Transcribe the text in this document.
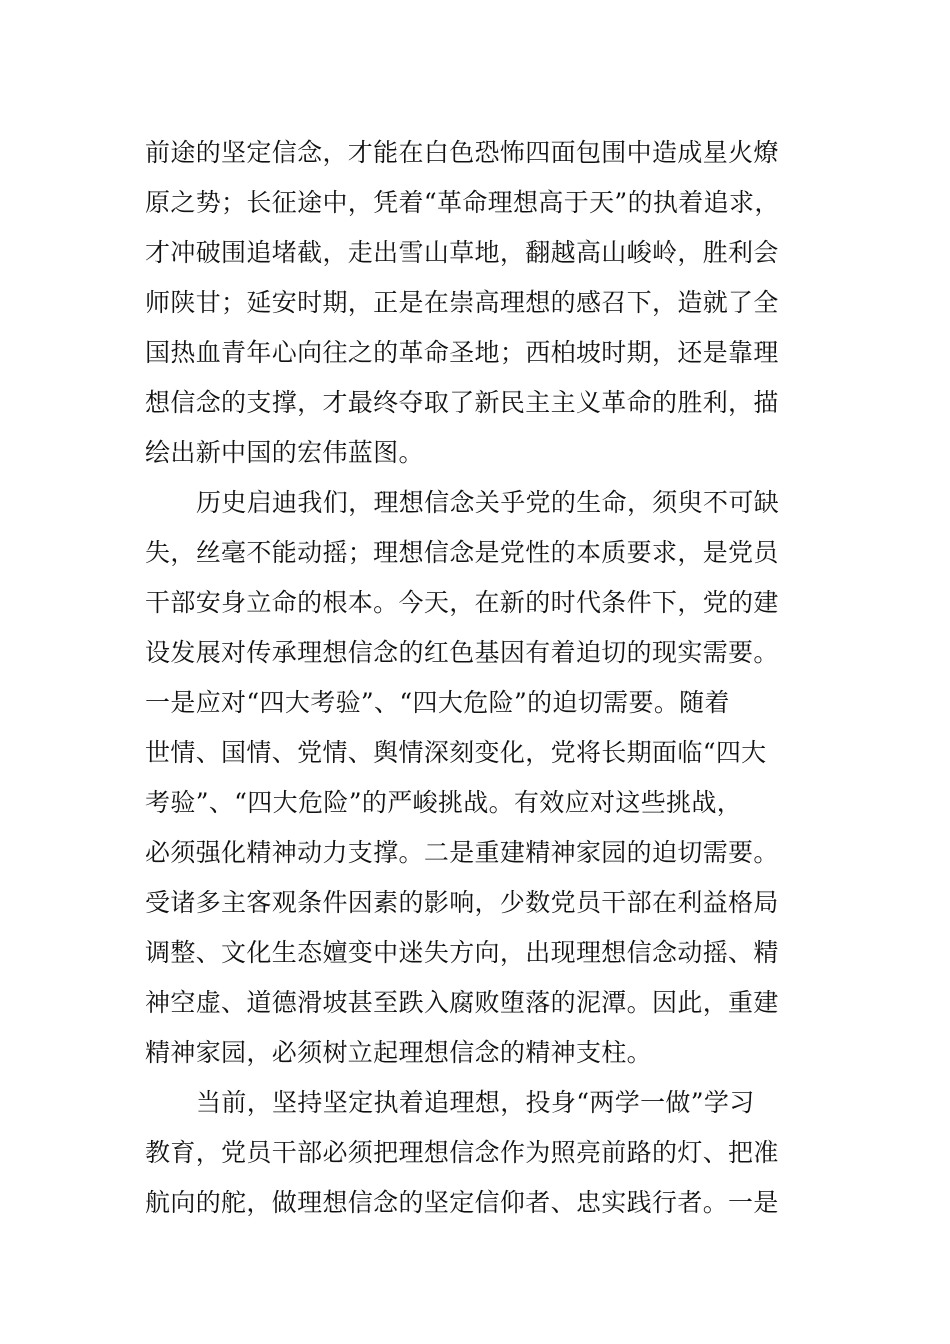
前途的坚定信念，才能在白色恐怖四面包围中造成星火燎
原之势；长征途中，凭着“革命理想高于天”的执着追求，
才冲破围追堵截，走出雪山草地，翻越高山峻岭，胜利会
师陕甘；延安时期，正是在崇高理想的感召下，造就了全
国热血青年心向往之的革命圣地；西柏坡时期，还是靠理
想信念的支撑，才最终夺取了新民主主义革命的胜利，描
绘出新中国的宏伟蓝图。
历史启迪我们，理想信念关乎党的生命，须臾不可缺
失，丝毫不能动摇；理想信念是党性的本质要求，是党员
干部安身立命的根本。今天，在新的时代条件下，党的建
设发展对传承理想信念的红色基因有着迫切的现实需要。
一是应对“四大考验”、“四大危险”的迫切需要。随着
世情、国情、党情、舆情深刻变化，党将长期面临“四大
考验”、“四大危险”的严峻挑战。有效应对这些挑战，
必须强化精神动力支撑。二是重建精神家园的迫切需要。
受诸多主客观条件因素的影响，少数党员干部在利益格局
调整、文化生态嬗变中迷失方向，出现理想信念动摇、精
神空虚、道德滑坡甚至跌入腐败堕落的泥潭。因此，重建
精神家园，必须树立起理想信念的精神支柱。
当前，坚持坚定执着追理想，投身“两学一做”学习
教育，党员干部必须把理想信念作为照亮前路的灯、把准
航向的舵，做理想信念的坚定信仰者、忠实践行者。一是
